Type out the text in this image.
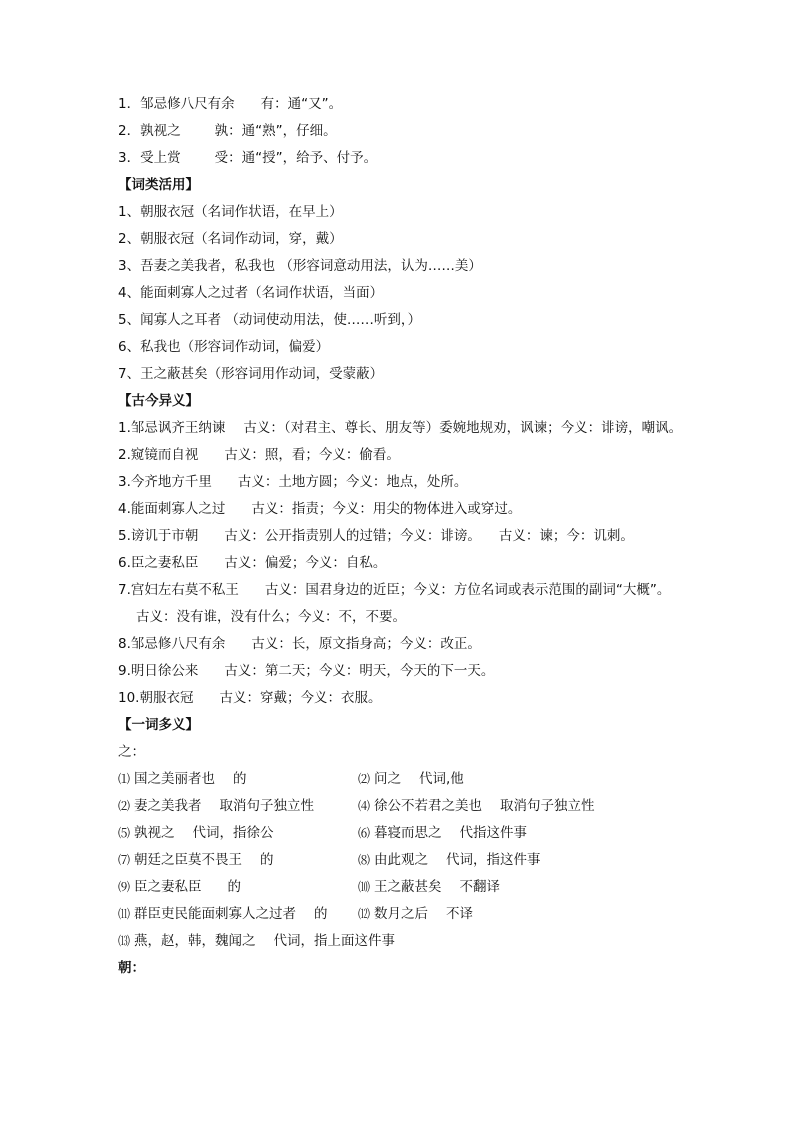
1．邹忌修八尺有余 有：通“又”。
2．孰视之	孰：通“熟”，仔细。
3．受上赏	受：通“授”，给予、付予。
【词类活用】
1、朝服衣冠（名词作状语，在早上）
2、朝服衣冠（名词作动词，穿，戴）
3、吾妻之美我者，私我也 （形容词意动用法，认为……美）
4、能面刺寡人之过者（名词作状语，当面）
5、闻寡人之耳者 （动词使动用法，使……听到，）
6、私我也（形容词作动词，偏爱）
7、王之蔽甚矣（形容词用作动词，受蒙蔽）
【古今异义】
1.邹忌讽齐王纳谏 古义：（对君主、尊长、朋友等）委婉地规劝，讽谏；今义：诽谤，嘲讽。
2.窥镜而自视 古义：照，看；今义：偷看。
3.今齐地方千里 古义：土地方圆；今义：地点，处所。
4.能面刺寡人之过 古义：指责；今义：用尖的物体进入或穿过。
5.谤讥于市朝 古义：公开指责别人的过错；今义：诽谤。 古义：谏；今：讥刺。
6.臣之妻私臣 古义：偏爱；今义：自私。
7.宫妇左右莫不私王 古义：国君身边的近臣；今义：方位名词或表示范围的副词“大概”。古义：没有谁，没有什么；今义：不，不要。
8.邹忌修八尺有余 古义：长，原文指身高；今义：改正。
9.明日徐公来 古义：第二天；今义：明天，今天的下一天。
10.朝服衣冠 古义：穿戴；今义：衣服。
【一词多义】
之：
⑴ 国之美丽者也 的	⑵ 问之 代词,他
⑵ 妻之美我者 取消句子独立性	⑷ 徐公不若君之美也 取消句子独立性
⑸ 孰视之 代词，指徐公	⑹ 暮寝而思之 代指这件事
⑺ 朝廷之臣莫不畏王 的	⑻ 由此观之 代词，指这件事
⑼ 臣之妻私臣 的	⑽ 王之蔽甚矣 不翻译
⑾ 群臣吏民能面刺寡人之过者 的	⑿ 数月之后 不译
⒀ 燕，赵，韩，魏闻之 代词，指上面这件事
朝：
